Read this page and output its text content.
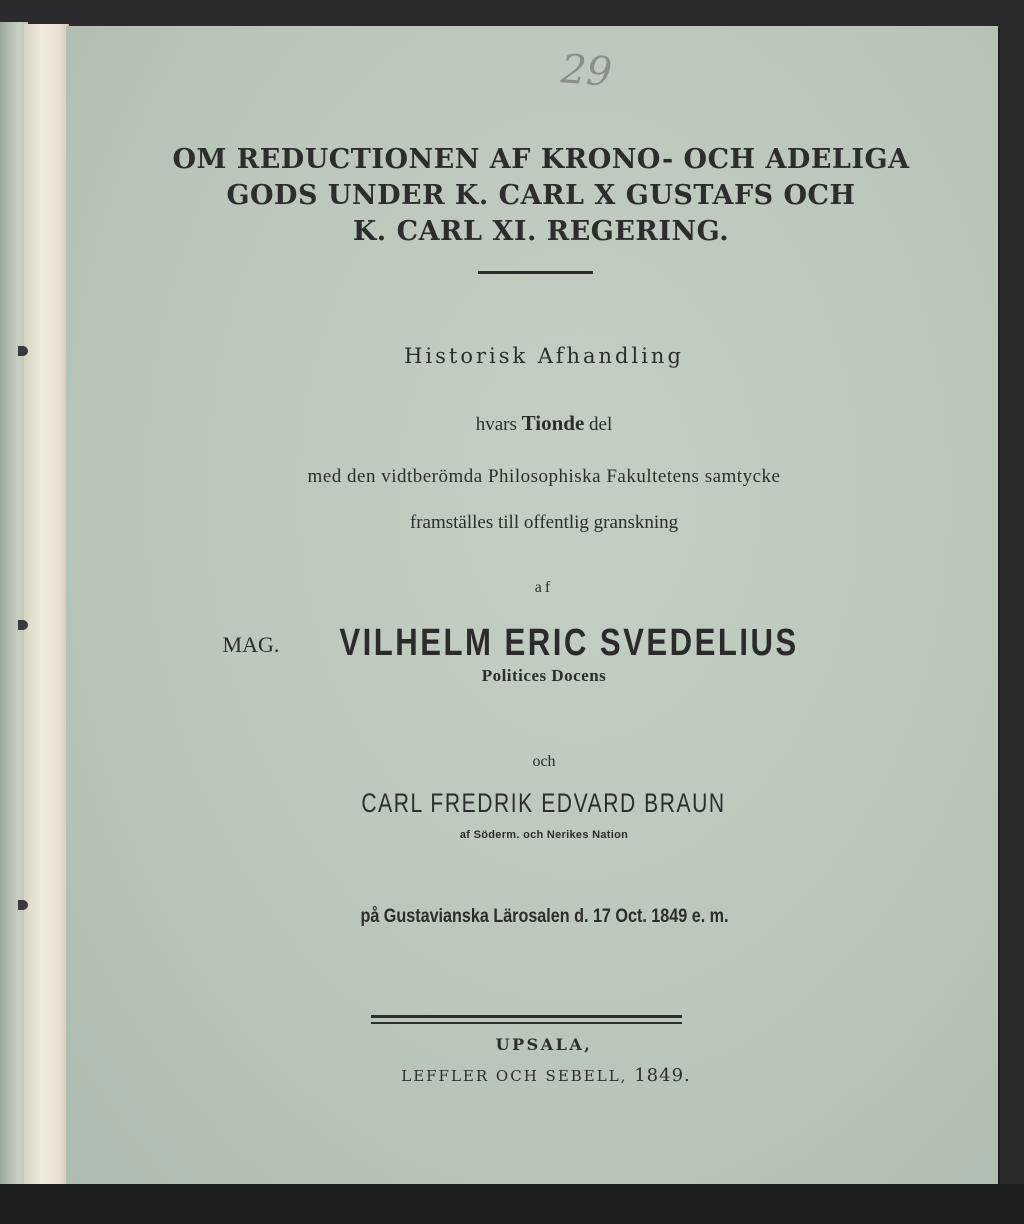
29
OM REDUCTIONEN AF KRONO- OCH ADELIGA
GODS UNDER K. CARL X GUSTAFS OCH
K. CARL XI. REGERING.
Historisk Afhandling
hvars Tionde del
med den vidtberömda Philosophiska Fakultetens samtycke
framställes till offentlig granskning
af
MAG. VILHELM ERIC SVEDELIUS
Politices Docens
och
CARL FREDRIK EDVARD BRAUN
af Söderm. och Nerikes Nation
på Gustavianska Lärosalen d. 17 Oct. 1849 e. m.
UPSALA,
LEFFLER OCH SEBELL, 1849.
